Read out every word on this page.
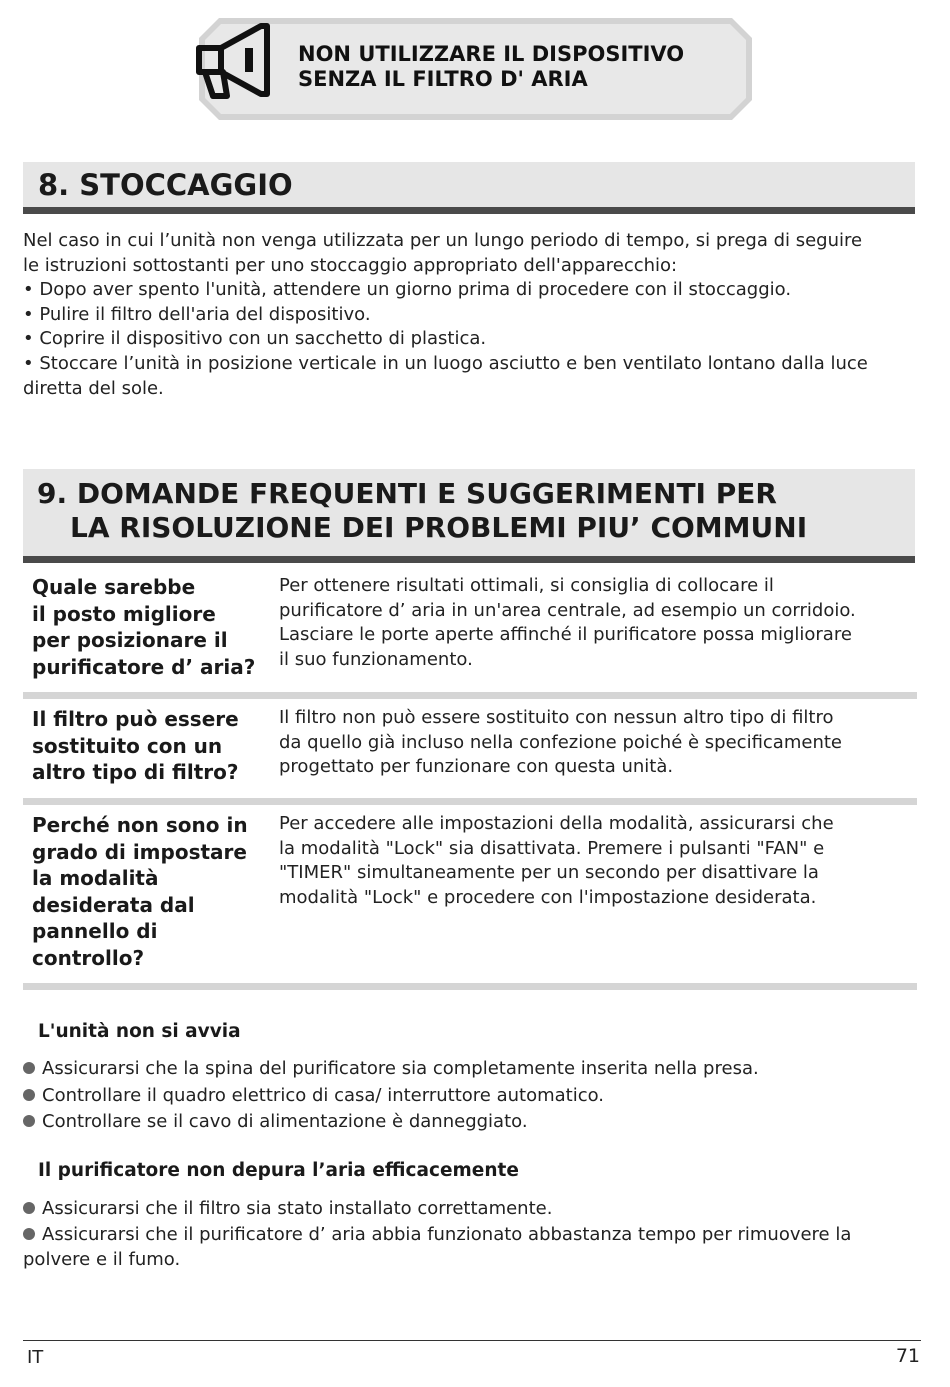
NON UTILIZZARE IL DISPOSITIVO
SENZA IL FILTRO D' ARIA
8. STOCCAGGIO
Nel caso in cui l’unità non venga utilizzata per un lungo periodo di tempo, si prega di seguire
le istruzioni sottostanti per uno stoccaggio appropriato dell'apparecchio:
• Dopo aver spento l'unità, attendere un giorno prima di procedere con il stoccaggio.
• Pulire il filtro dell'aria del dispositivo.
• Coprire il dispositivo con un sacchetto di plastica.
• Stoccare l’unità in posizione verticale in un luogo asciutto e ben ventilato lontano dalla luce
diretta del sole.
9. DOMANDE FREQUENTI E SUGGERIMENTI PER
LA RISOLUZIONE DEI PROBLEMI PIU’ COMMUNI
Quale sarebbe
il posto migliore
per posizionare il
purificatore d’ aria?
Per ottenere risultati ottimali, si consiglia di collocare il
purificatore d’ aria in un'area centrale, ad esempio un corridoio.
Lasciare le porte aperte affinché il purificatore possa migliorare
il suo funzionamento.
Il filtro può essere
sostituito con un
altro tipo di filtro?
Il filtro non può essere sostituito con nessun altro tipo di filtro
da quello già incluso nella confezione poiché è specificamente
progettato per funzionare con questa unità.
Perché non sono in
grado di impostare
la modalità
desiderata dal
pannello di
controllo?
Per accedere alle impostazioni della modalità, assicurarsi che
la modalità "Lock" sia disattivata. Premere i pulsanti "FAN" e
"TIMER" simultaneamente per un secondo per disattivare la
modalità "Lock" e procedere con l'impostazione desiderata.
L'unità non si avvia
Assicurarsi che la spina del purificatore sia completamente inserita nella presa.
Controllare il quadro elettrico di casa/ interruttore automatico.
Controllare se il cavo di alimentazione è danneggiato.
Il purificatore non depura l’aria efficacemente
Assicurarsi che il filtro sia stato installato correttamente.
Assicurarsi che il purificatore d’ aria abbia funzionato abbastanza tempo per rimuovere la
polvere e il fumo.
IT	71
